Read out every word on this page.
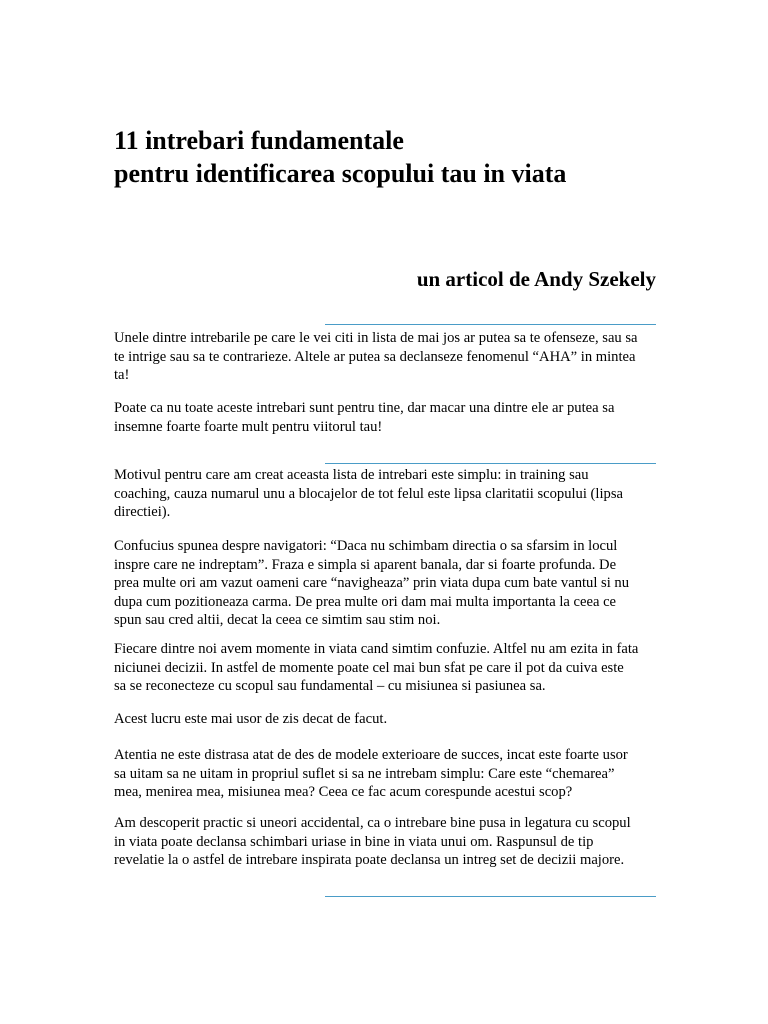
11 intrebari fundamentale
pentru identificarea scopului tau in viata
un articol de Andy Szekely

Unele dintre intrebarile pe care le vei citi in lista de mai jos ar putea sa te ofenseze, sau sa
te intrige sau sa te contrarieze. Altele ar putea sa declanseze fenomenul “AHA” in mintea
ta!

Poate ca nu toate aceste intrebari sunt pentru tine, dar macar una dintre ele ar putea sa
insemne foarte foarte mult pentru viitorul tau!

Motivul pentru care am creat aceasta lista de intrebari este simplu: in training sau
coaching, cauza numarul unu a blocajelor de tot felul este lipsa claritatii scopului (lipsa
directiei).

Confucius spunea despre navigatori: “Daca nu schimbam directia o sa sfarsim in locul
inspre care ne indreptam”. Fraza e simpla si aparent banala, dar si foarte profunda. De
prea multe ori am vazut oameni care “navigheaza” prin viata dupa cum bate vantul si nu
dupa cum pozitioneaza carma. De prea multe ori dam mai multa importanta la ceea ce
spun sau cred altii, decat la ceea ce simtim sau stim noi.

Fiecare dintre noi avem momente in viata cand simtim confuzie. Altfel nu am ezita in fata
niciunei decizii. In astfel de momente poate cel mai bun sfat pe care il pot da cuiva este
sa se reconecteze cu scopul sau fundamental – cu misiunea si pasiunea sa.

Acest lucru este mai usor de zis decat de facut.

Atentia ne este distrasa atat de des de modele exterioare de succes, incat este foarte usor
sa uitam sa ne uitam in propriul suflet si sa ne intrebam simplu: Care este “chemarea”
mea, menirea mea, misiunea mea? Ceea ce fac acum corespunde acestui scop?

Am descoperit practic si uneori accidental, ca o intrebare bine pusa in legatura cu scopul
in viata poate declansa schimbari uriase in bine in viata unui om. Raspunsul de tip
revelatie la o astfel de intrebare inspirata poate declansa un intreg set de decizii majore.
